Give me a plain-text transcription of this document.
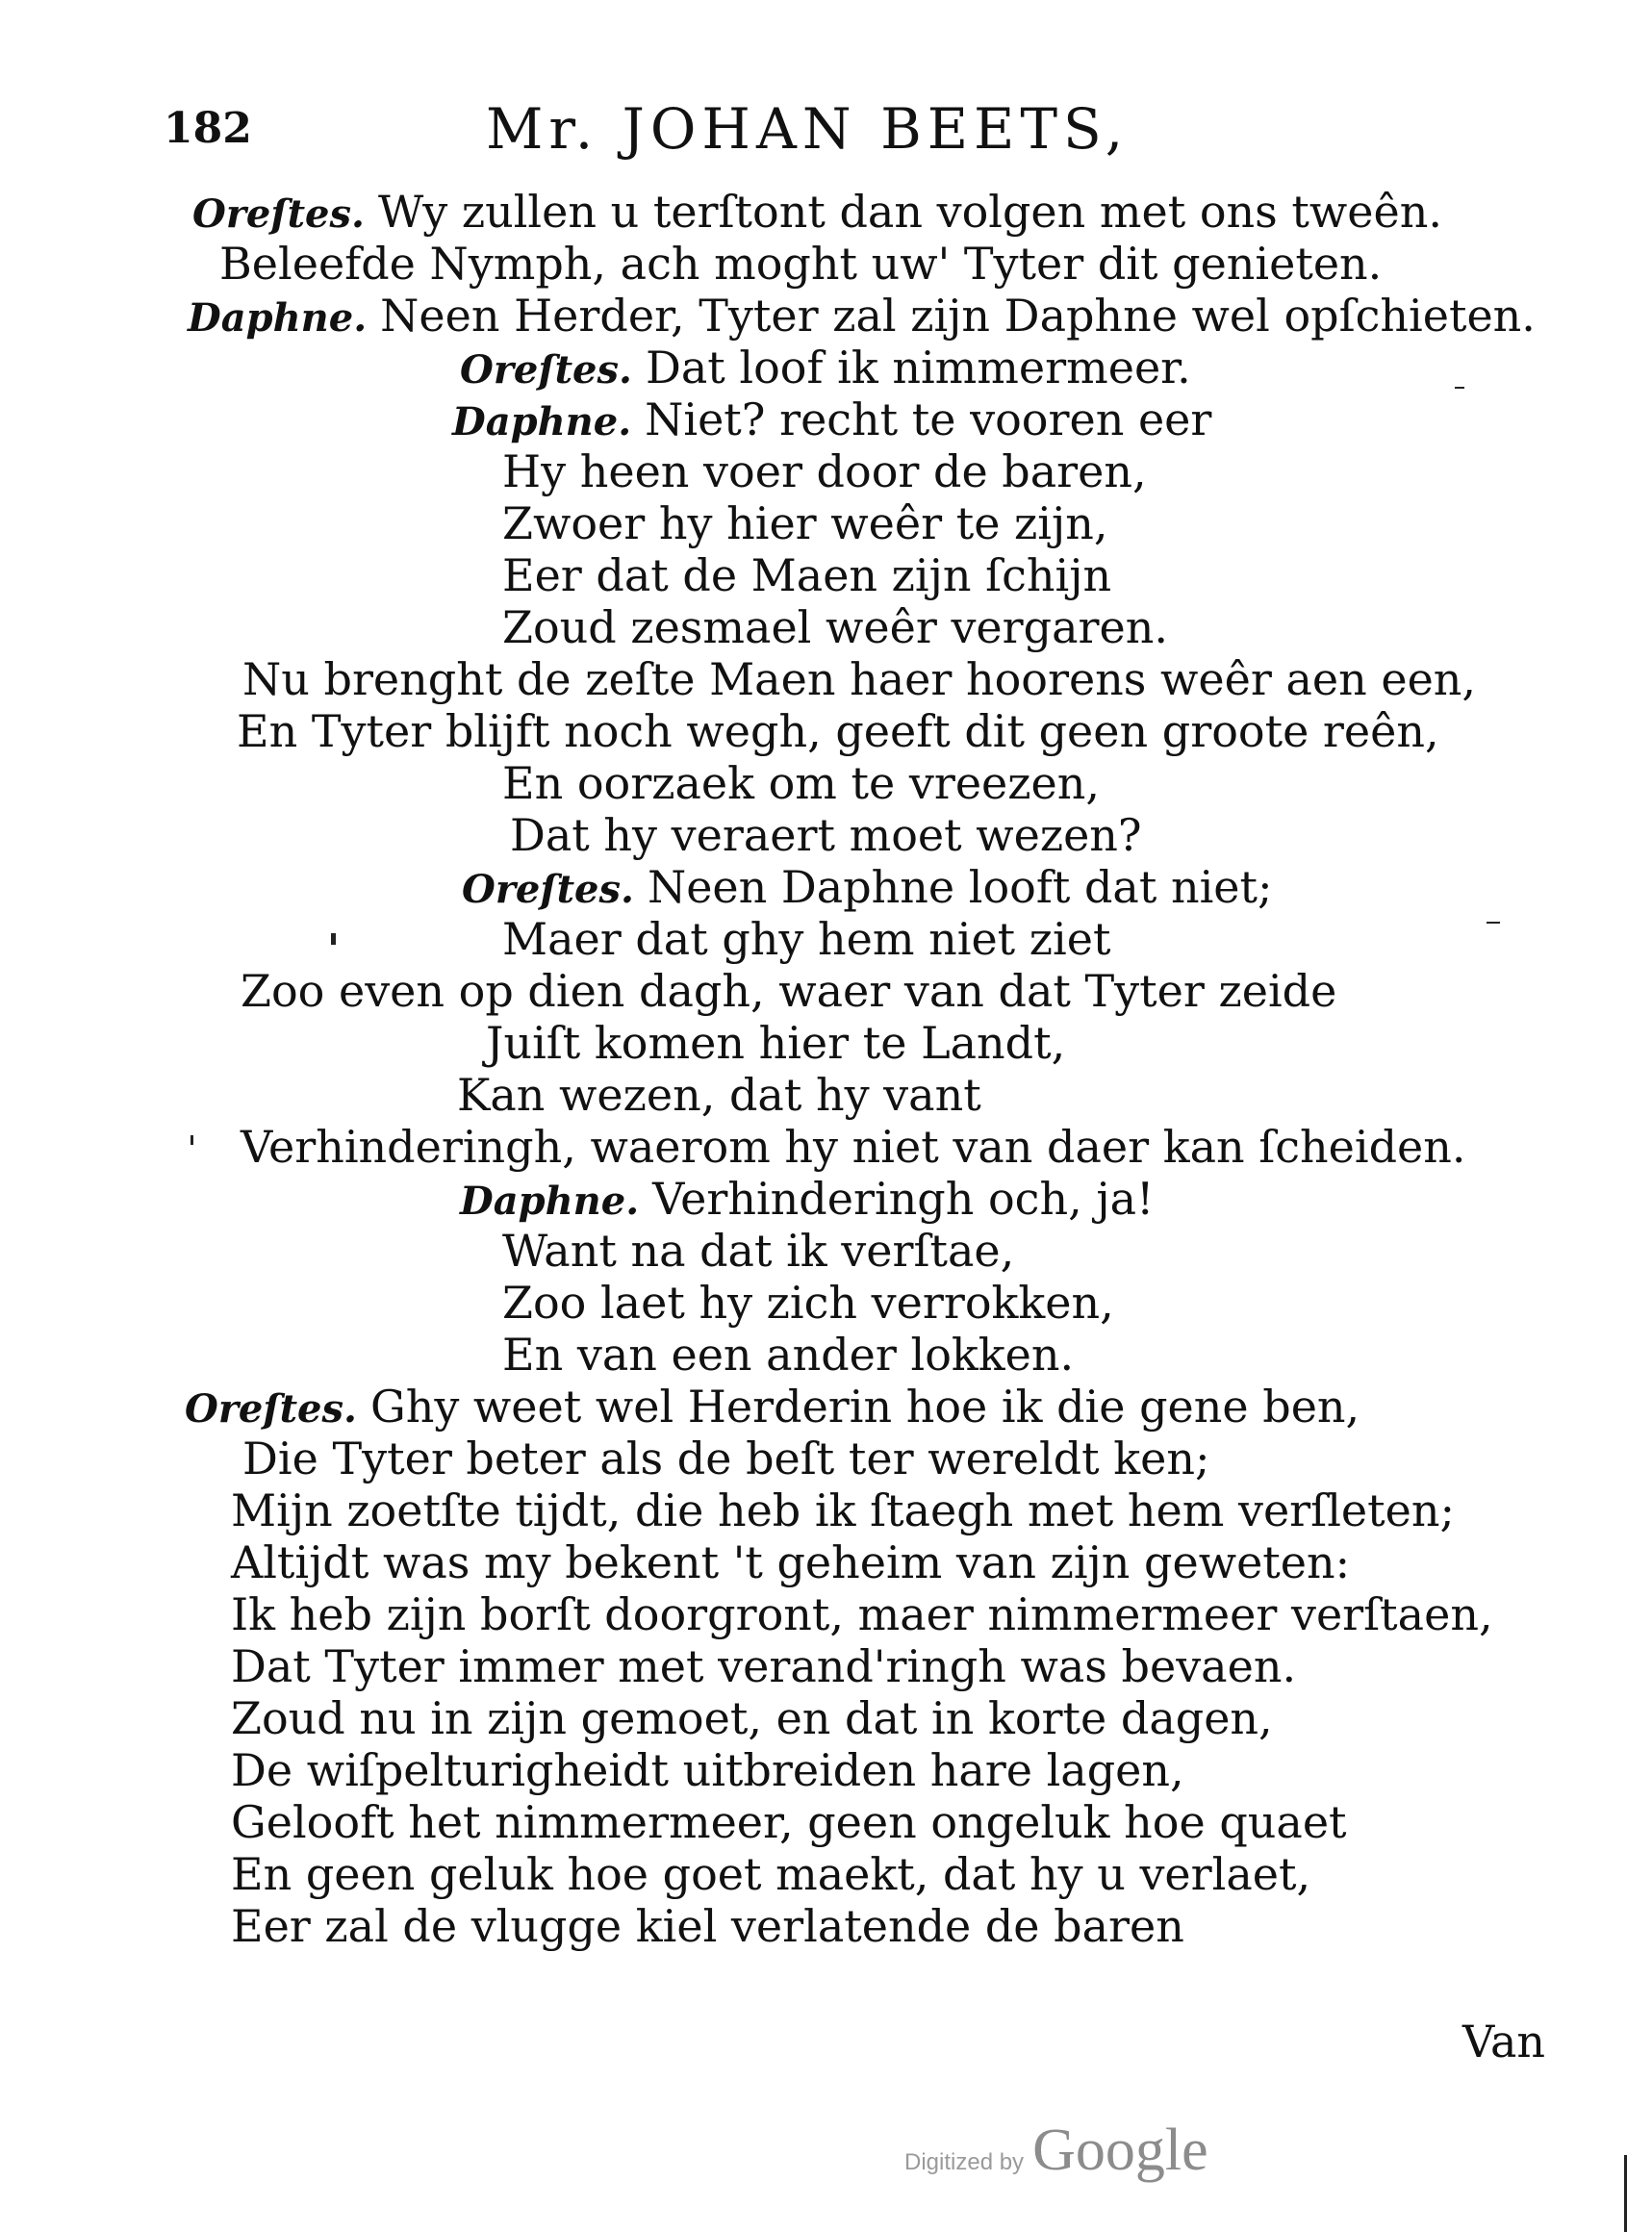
182	Mr. JOHAN BEETS,
Oreſtes. Wy zullen u terſtont dan volgen met ons tweên.
Beleefde Nymph, ach moght uw' Tyter dit genieten.
Daphne. Neen Herder, Tyter zal zijn Daphne wel opſchieten.
Oreſtes. Dat loof ik nimmermeer.
Daphne. Niet? recht te vooren eer
Hy heen voer door de baren,
Zwoer hy hier weêr te zijn,
Eer dat de Maen zijn ſchijn
Zoud zesmael weêr vergaren.
Nu brenght de zeſte Maen haer hoorens weêr aen een,
En Tyter blijft noch wegh, geeft dit geen groote reên,
En oorzaek om te vreezen,
Dat hy veraert moet wezen?
Oreſtes. Neen Daphne looft dat niet;
Maer dat ghy hem niet ziet
Zoo even op dien dagh, waer van dat Tyter zeide
Juiſt komen hier te Landt,
Kan wezen, dat hy vant
Verhinderingh, waerom hy niet van daer kan ſcheiden.
Daphne. Verhinderingh och, ja!
Want na dat ik verſtae,
Zoo laet hy zich verrokken,
En van een ander lokken.
Oreſtes. Ghy weet wel Herderin hoe ik die gene ben,
Die Tyter beter als de beſt ter wereldt ken;
Mijn zoetſte tijdt, die heb ik ſtaegh met hem verſleten;
Altijdt was my bekent 't geheim van zijn geweten:
Ik heb zijn borſt doorgront, maer nimmermeer verſtaen,
Dat Tyter immer met verand'ringh was bevaen.
Zoud nu in zijn gemoet, en dat in korte dagen,
De wiſpelturigheidt uitbreiden hare lagen,
Gelooft het nimmermeer, geen ongeluk hoe quaet
En geen geluk hoe goet maekt, dat hy u verlaet,
Eer zal de vlugge kiel verlatende de baren
Van
Digitized by Google
